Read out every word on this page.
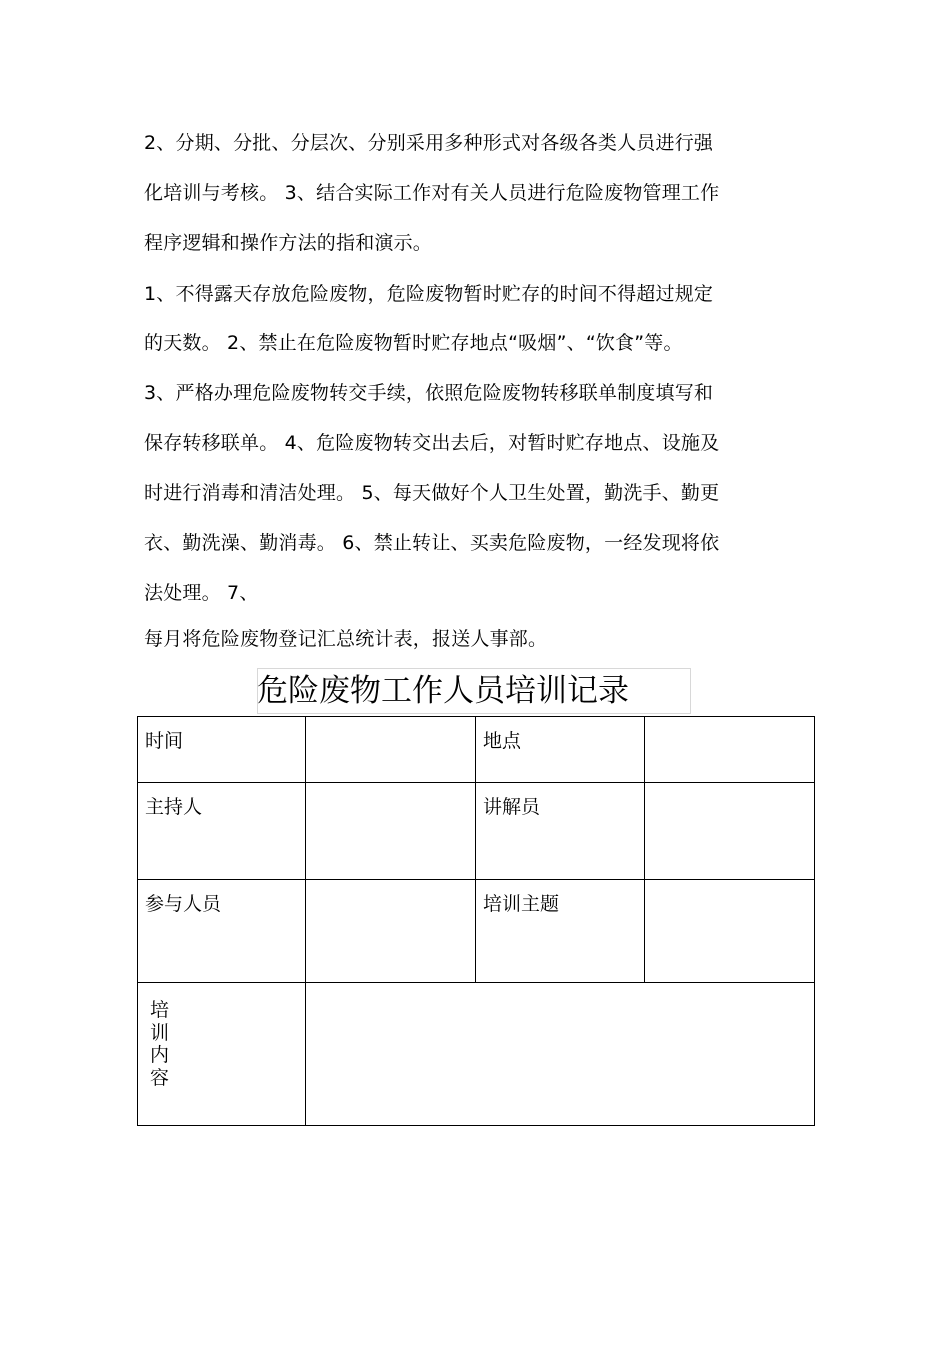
2、分期、分批、分层次、分别采用多种形式对各级各类人员进行强
化培训与考核。 3、结合实际工作对有关人员进行危险废物管理工作
程序逻辑和操作方法的指和演示。
1、不得露天存放危险废物，危险废物暂时贮存的时间不得超过规定
的天数。 2、禁止在危险废物暂时贮存地点“吸烟”、“饮食”等。
3、严格办理危险废物转交手续，依照危险废物转移联单制度填写和
保存转移联单。 4、危险废物转交出去后，对暂时贮存地点、设施及
时进行消毒和清洁处理。 5、每天做好个人卫生处置，勤洗手、勤更
衣、勤洗澡、勤消毒。 6、禁止转让、买卖危险废物，一经发现将依
法处理。 7、
每月将危险废物登记汇总统计表，报送人事部。
危险废物工作人员培训记录
时间		地点	
主持人		讲解员	
参与人员		培训主题	

培训内容			
